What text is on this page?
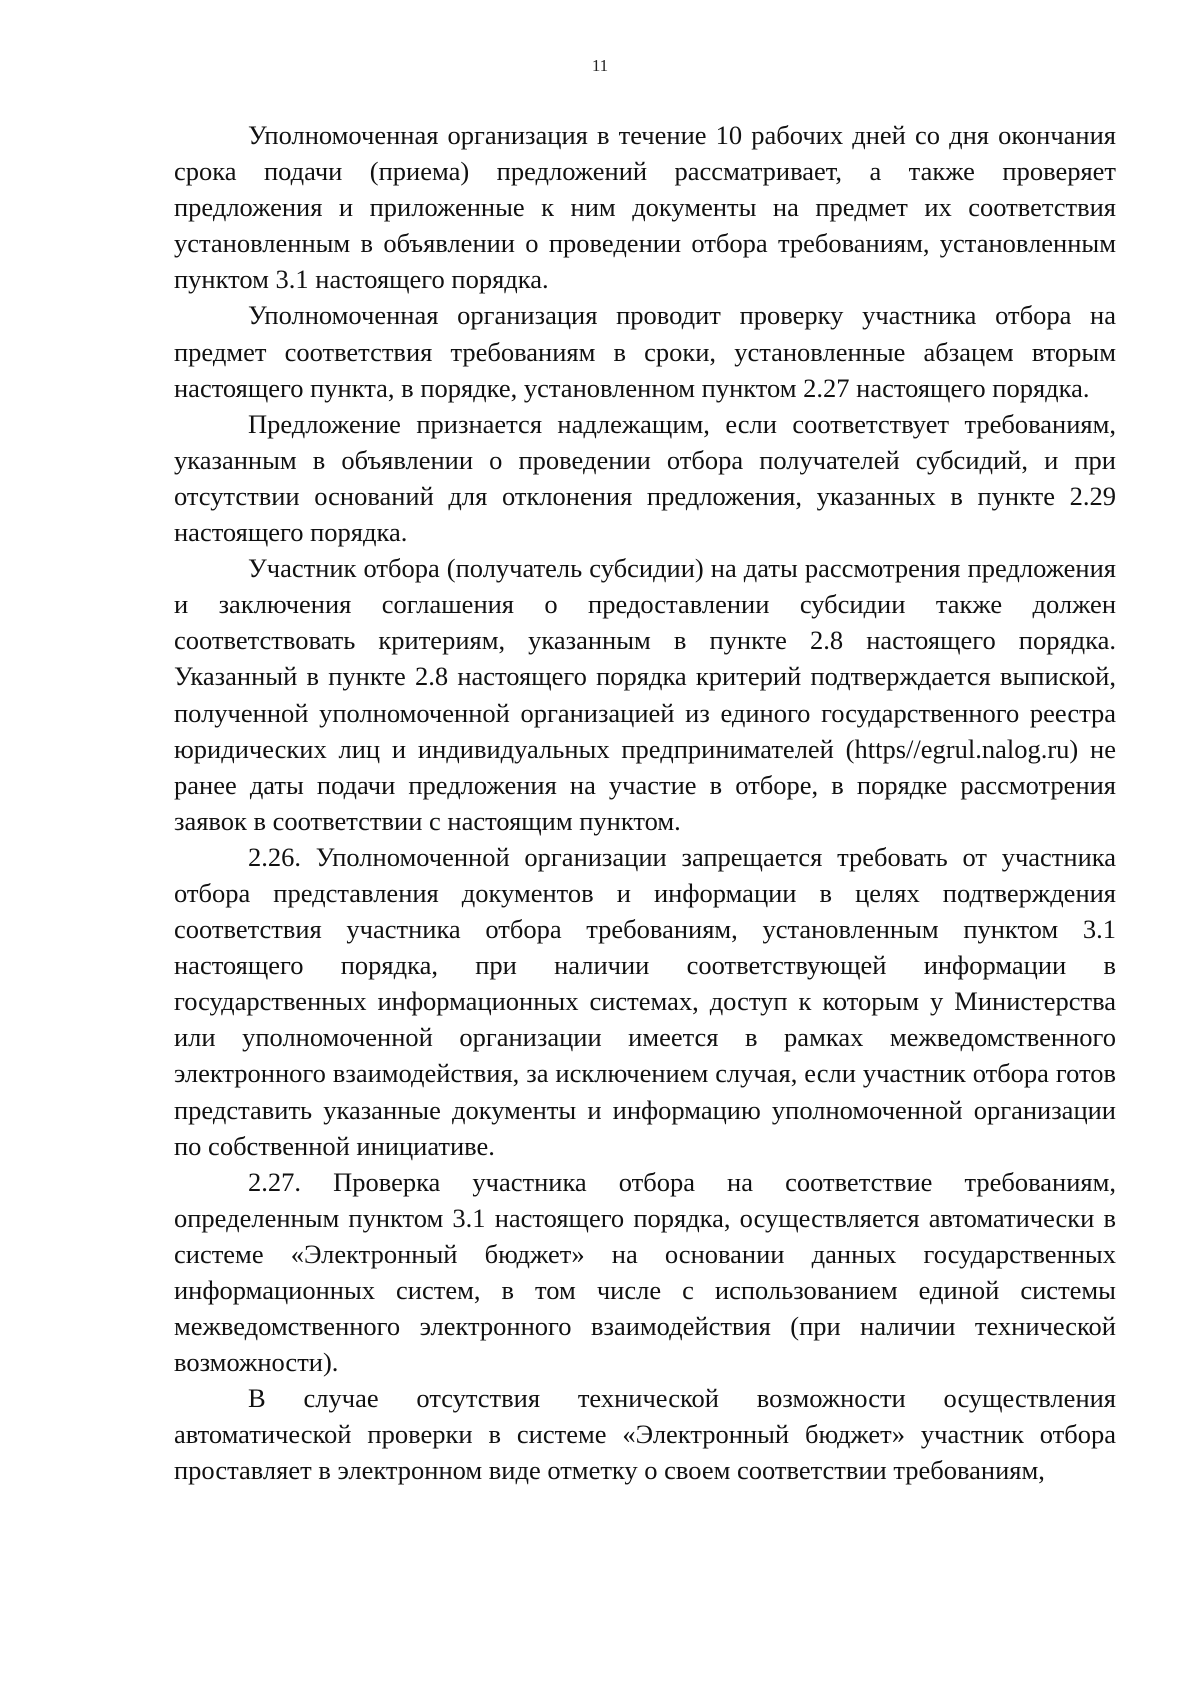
11

Уполномоченная организация в течение 10 рабочих дней со дня окончания срока подачи (приема) предложений рассматривает, а также проверяет предложения и приложенные к ним документы на предмет их соответствия установленным в объявлении о проведении отбора требованиям, установленным пунктом 3.1 настоящего порядка.

Уполномоченная организация проводит проверку участника отбора на предмет соответствия требованиям в сроки, установленные абзацем вторым настоящего пункта, в порядке, установленном пунктом 2.27 настоящего порядка.

Предложение признается надлежащим, если соответствует требованиям, указанным в объявлении о проведении отбора получателей субсидий, и при отсутствии оснований для отклонения предложения, указанных в пункте 2.29 настоящего порядка.

Участник отбора (получатель субсидии) на даты рассмотрения предложения и заключения соглашения о предоставлении субсидии также должен соответствовать критериям, указанным в пункте 2.8 настоящего порядка. Указанный в пункте 2.8 настоящего порядка критерий подтверждается выпиской, полученной уполномоченной организацией из единого государственного реестра юридических лиц и индивидуальных предпринимателей (https//egrul.nalog.ru) не ранее даты подачи предложения на участие в отборе, в порядке рассмотрения заявок в соответствии с настоящим пунктом.

2.26. Уполномоченной организации запрещается требовать от участника отбора представления документов и информации в целях подтверждения соответствия участника отбора требованиям, установленным пунктом 3.1 настоящего порядка, при наличии соответствующей информации в государственных информационных системах, доступ к которым у Министерства или уполномоченной организации имеется в рамках межведомственного электронного взаимодействия, за исключением случая, если участник отбора готов представить указанные документы и информацию уполномоченной организации по собственной инициативе.

2.27. Проверка участника отбора на соответствие требованиям, определенным пунктом 3.1 настоящего порядка, осуществляется автоматически в системе «Электронный бюджет» на основании данных государственных информационных систем, в том числе с использованием единой системы межведомственного электронного взаимодействия (при наличии технической возможности).

В случае отсутствия технической возможности осуществления автоматической проверки в системе «Электронный бюджет» участник отбора проставляет в электронном виде отметку о своем соответствии требованиям,
